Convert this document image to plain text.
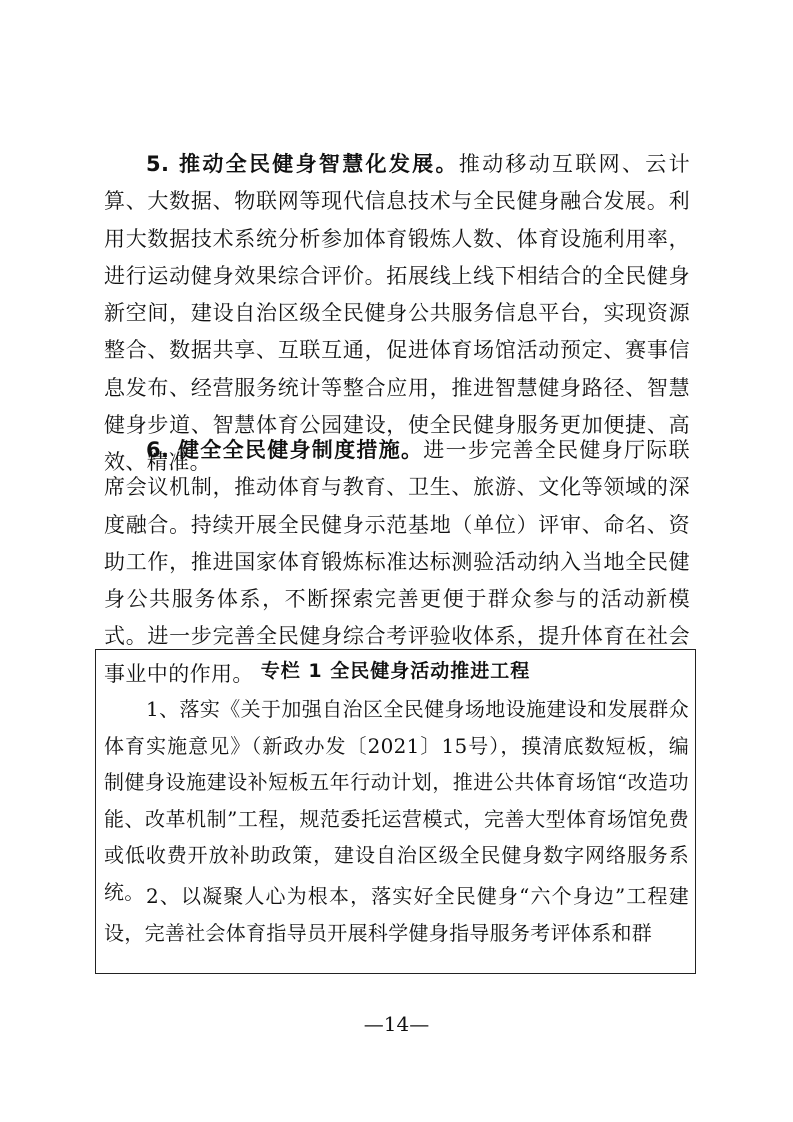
5. 推动全民健身智慧化发展。推动移动互联网、云计算、大数据、物联网等现代信息技术与全民健身融合发展。利用大数据技术系统分析参加体育锻炼人数、体育设施利用率，进行运动健身效果综合评价。拓展线上线下相结合的全民健身新空间，建设自治区级全民健身公共服务信息平台，实现资源整合、数据共享、互联互通，促进体育场馆活动预定、赛事信息发布、经营服务统计等整合应用，推进智慧健身路径、智慧健身步道、智慧体育公园建设，使全民健身服务更加便捷、高效、精准。

6. 健全全民健身制度措施。进一步完善全民健身厅际联席会议机制，推动体育与教育、卫生、旅游、文化等领域的深度融合。持续开展全民健身示范基地（单位）评审、命名、资助工作，推进国家体育锻炼标准达标测验活动纳入当地全民健身公共服务体系，不断探索完善更便于群众参与的活动新模式。进一步完善全民健身综合考评验收体系，提升体育在社会事业中的作用。 专栏 1 全民健身活动推进工程

1、落实《关于加强自治区全民健身场地设施建设和发展群众体育实施意见》（新政办发〔2021〕15号），摸清底数短板，编制健身设施建设补短板五年行动计划，推进公共体育场馆“改造功能、改革机制”工程，规范委托运营模式，完善大型体育场馆免费或低收费开放补助政策，建设自治区级全民健身数字网络服务系统。 2、以凝聚人心为根本，落实好全民健身“六个身边”工程建设，完善社会体育指导员开展科学健身指导服务考评体系和群

—14—
